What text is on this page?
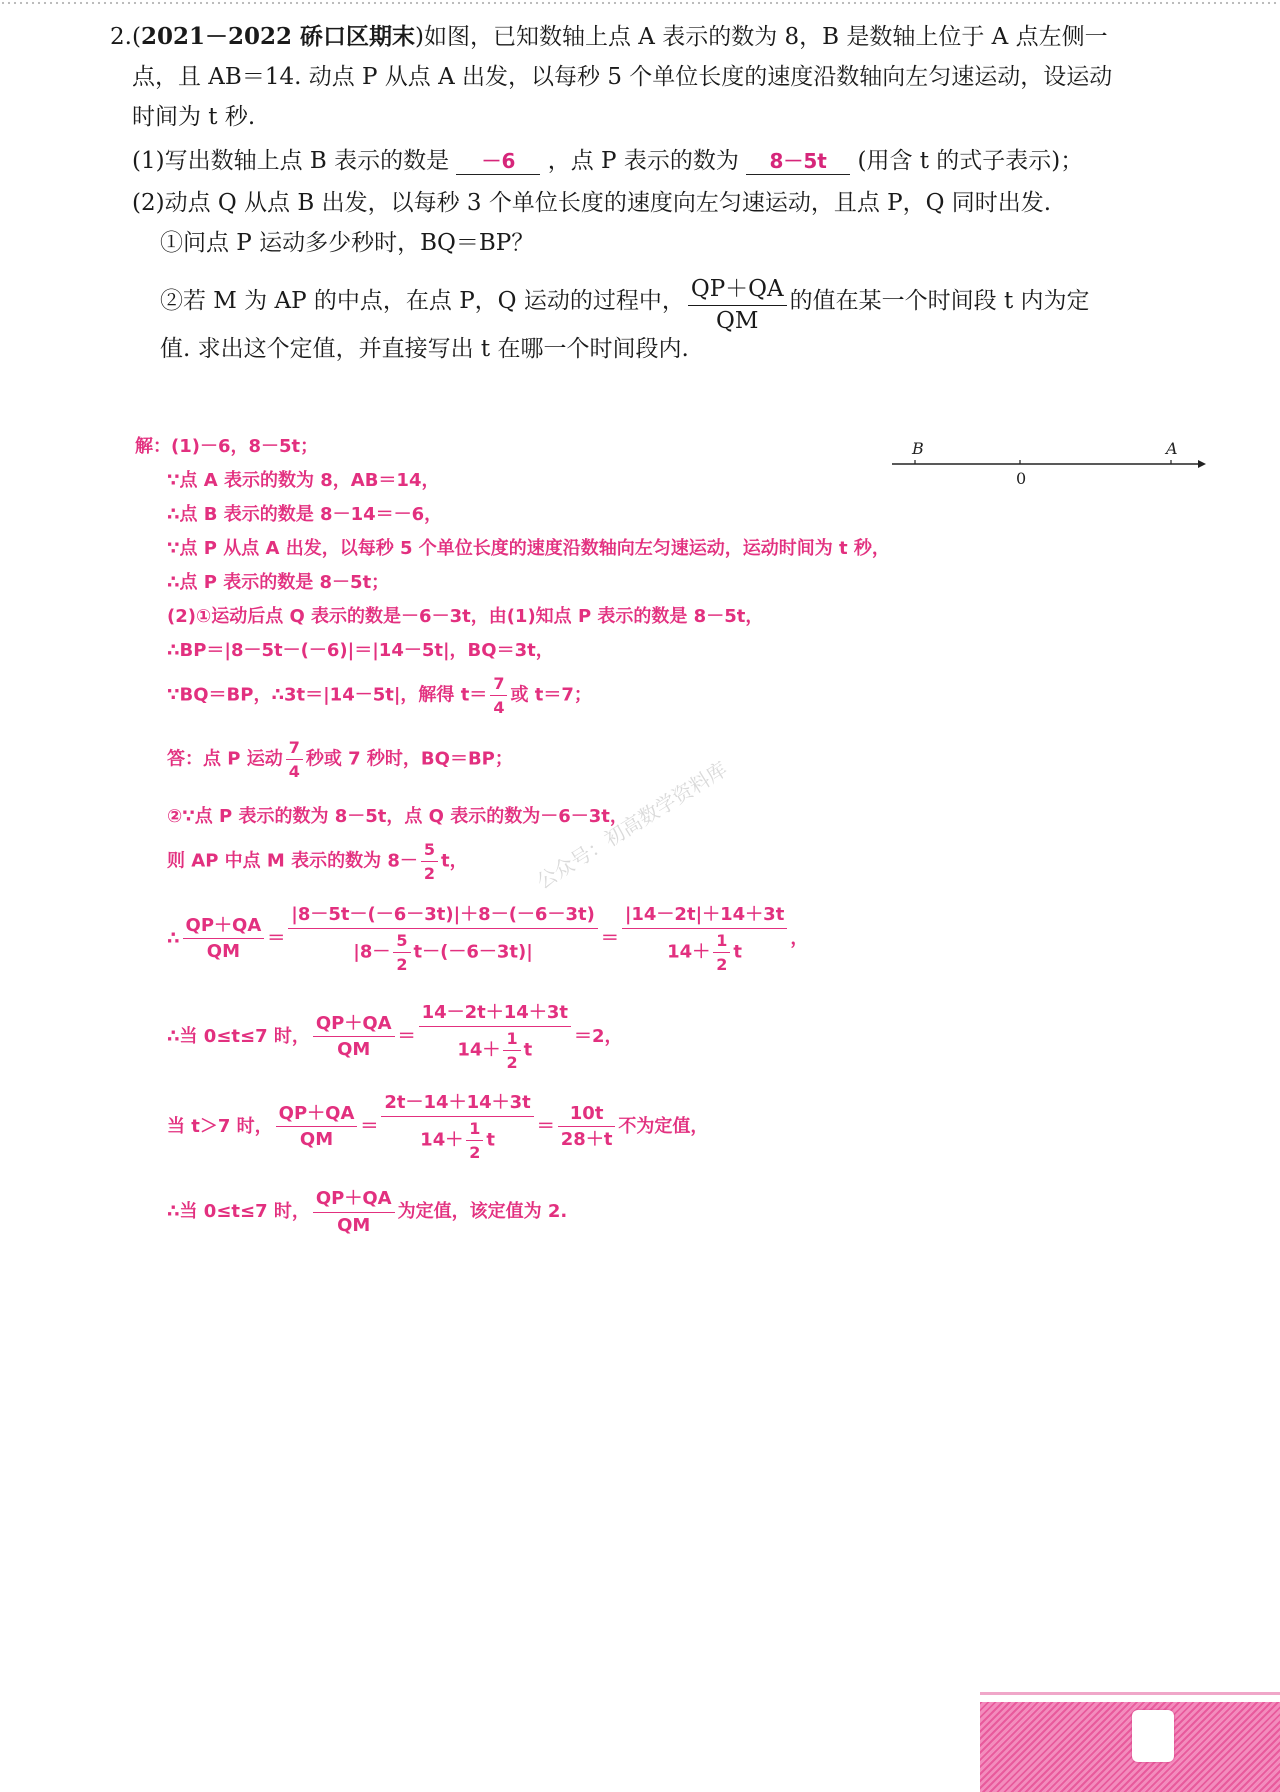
2.(2021－2022 硚口区期末)如图，已知数轴上点 A 表示的数为 8，B 是数轴上位于 A 点左侧一
点，且 AB＝14. 动点 P 从点 A 出发，以每秒 5 个单位长度的速度沿数轴向左匀速运动，设运动
时间为 t 秒.
(1)写出数轴上点 B 表示的数是 －6 ，点 P 表示的数为 8－5t (用含 t 的式子表示)；
(2)动点 Q 从点 B 出发，以每秒 3 个单位长度的速度向左匀速运动，且点 P，Q 同时出发.
①问点 P 运动多少秒时，BQ＝BP？
②若 M 为 AP 的中点，在点 P，Q 运动的过程中， $\frac{QP+QA}{QM}$ 的值在某一个时间段 t 内为定
值. 求出这个定值，并直接写出 t 在哪一个时间段内.
B
0
A
解：(1)－6，8－5t；
∵点 A 表示的数为 8，AB＝14，
∴点 B 表示的数是 8－14＝－6，
∵点 P 从点 A 出发，以每秒 5 个单位长度的速度沿数轴向左匀速运动，运动时间为 t 秒，
∴点 P 表示的数是 8－5t；
(2)①运动后点 Q 表示的数是－6－3t，由(1)知点 P 表示的数是 8－5t，
∴BP＝|8－5t－(－6)|＝|14－5t|，BQ＝3t，
∵BQ＝BP，∴3t＝|14－5t|，解得 $t= \frac{7}{4}$ 或 t＝7；
答：点 P 运动 $\frac{7}{4}$ 秒或 7 秒时，BQ＝BP；
②∵点 P 表示的数为 8－5t，点 Q 表示的数为－6－3t，
则 AP 中点 M 表示的数为 $8- \frac{5}{2}$ t，
∴ $\frac{QP+QA}{QM} = \frac{|8-5t-(-6-3t)|+8-(-6-3t)}{|8- \frac{5}{2} t-(-6-3t)|} = \frac{|14-2t|+14+3t}{14+ \frac{1}{2} t}$ ，
∴当 0≤t≤7 时， $\frac{QP+QA}{QM} = \frac{14-2t+14+3t}{14+ \frac{1}{2} t} =2$，
当 t＞7 时， $\frac{QP+QA}{QM} = \frac{2t-14+14+3t}{14+ \frac{1}{2} t} = \frac{10t}{28+t}$ 不为定值，
∴当 0≤t≤7 时， $\frac{QP+QA}{QM}$ 为定值，该定值为 2.
公众号：初高数学资料库
